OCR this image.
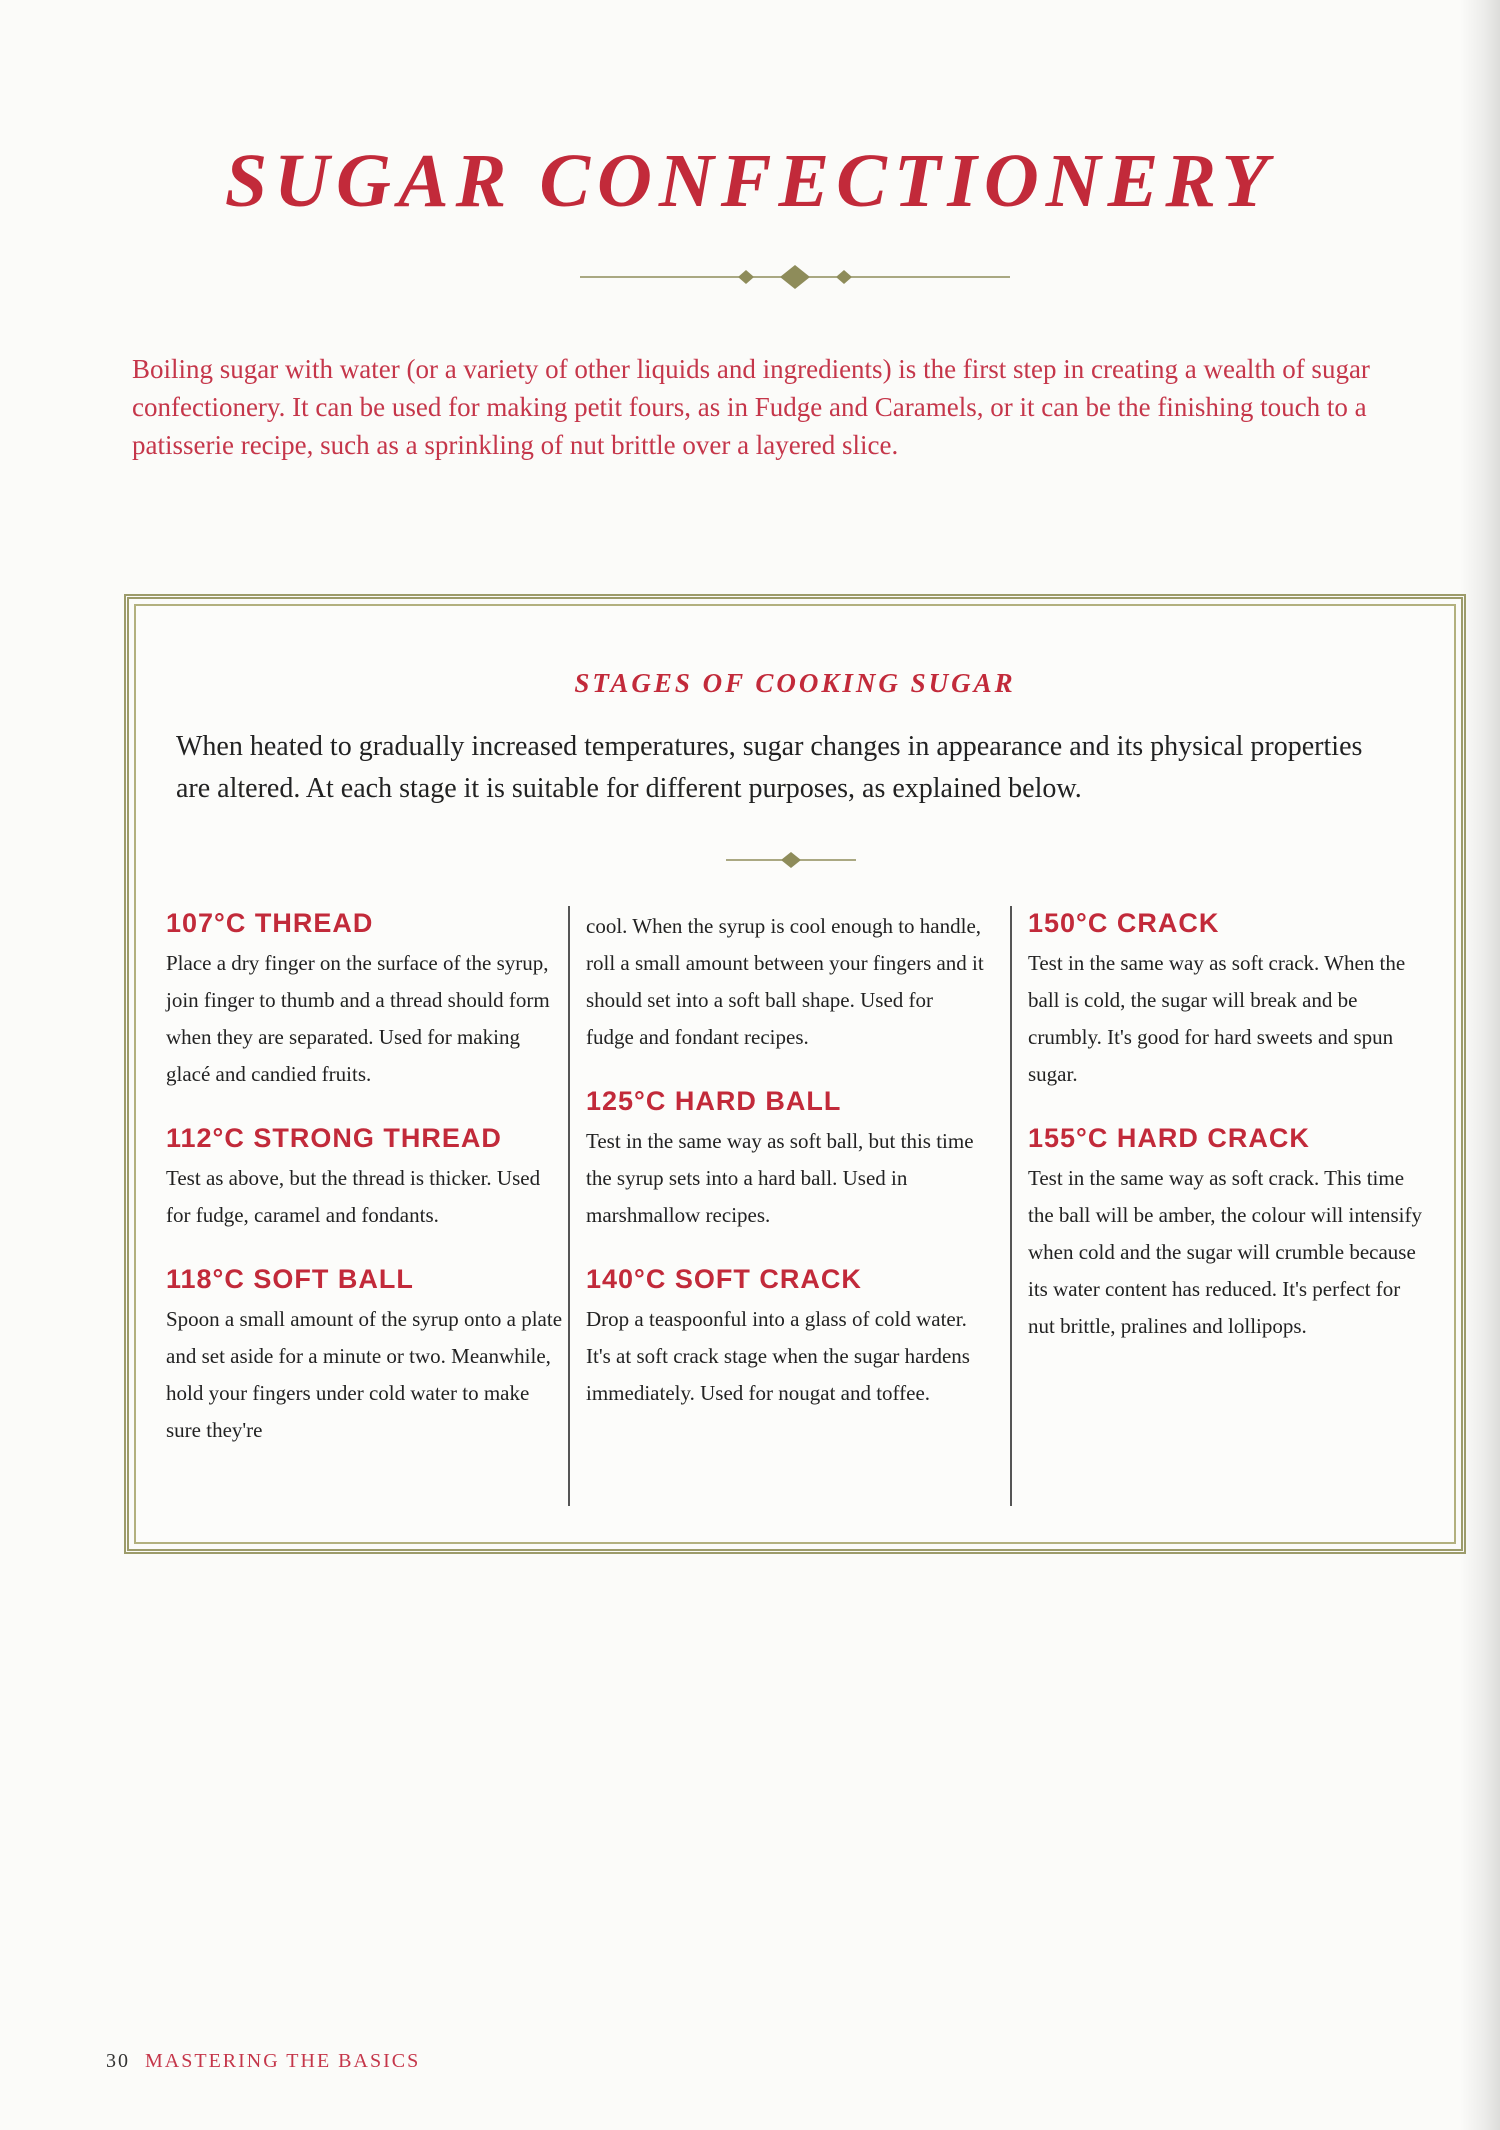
SUGAR CONFECTIONERY

Boiling sugar with water (or a variety of other liquids and ingredients) is the first step in creating a wealth of sugar confectionery. It can be used for making petit fours, as in Fudge and Caramels, or it can be the finishing touch to a patisserie recipe, such as a sprinkling of nut brittle over a layered slice.

STAGES OF COOKING SUGAR

When heated to gradually increased temperatures, sugar changes in appearance and its physical properties are altered. At each stage it is suitable for different purposes, as explained below.

107°C THREAD

Place a dry finger on the surface of the syrup, join finger to thumb and a thread should form when they are separated. Used for making glacé and candied fruits.

112°C STRONG THREAD

Test as above, but the thread is thicker. Used for fudge, caramel and fondants.

118°C SOFT BALL

Spoon a small amount of the syrup onto a plate and set aside for a minute or two. Meanwhile, hold your fingers under cold water to make sure they're

cool. When the syrup is cool enough to handle, roll a small amount between your fingers and it should set into a soft ball shape. Used for fudge and fondant recipes.

125°C HARD BALL

Test in the same way as soft ball, but this time the syrup sets into a hard ball. Used in marshmallow recipes.

140°C SOFT CRACK

Drop a teaspoonful into a glass of cold water. It's at soft crack stage when the sugar hardens immediately. Used for nougat and toffee.

150°C CRACK

Test in the same way as soft crack. When the ball is cold, the sugar will break and be crumbly. It's good for hard sweets and spun sugar.

155°C HARD CRACK

Test in the same way as soft crack. This time the ball will be amber, the colour will intensify when cold and the sugar will crumble because its water content has reduced. It's perfect for nut brittle, pralines and lollipops.

30 MASTERING THE BASICS
